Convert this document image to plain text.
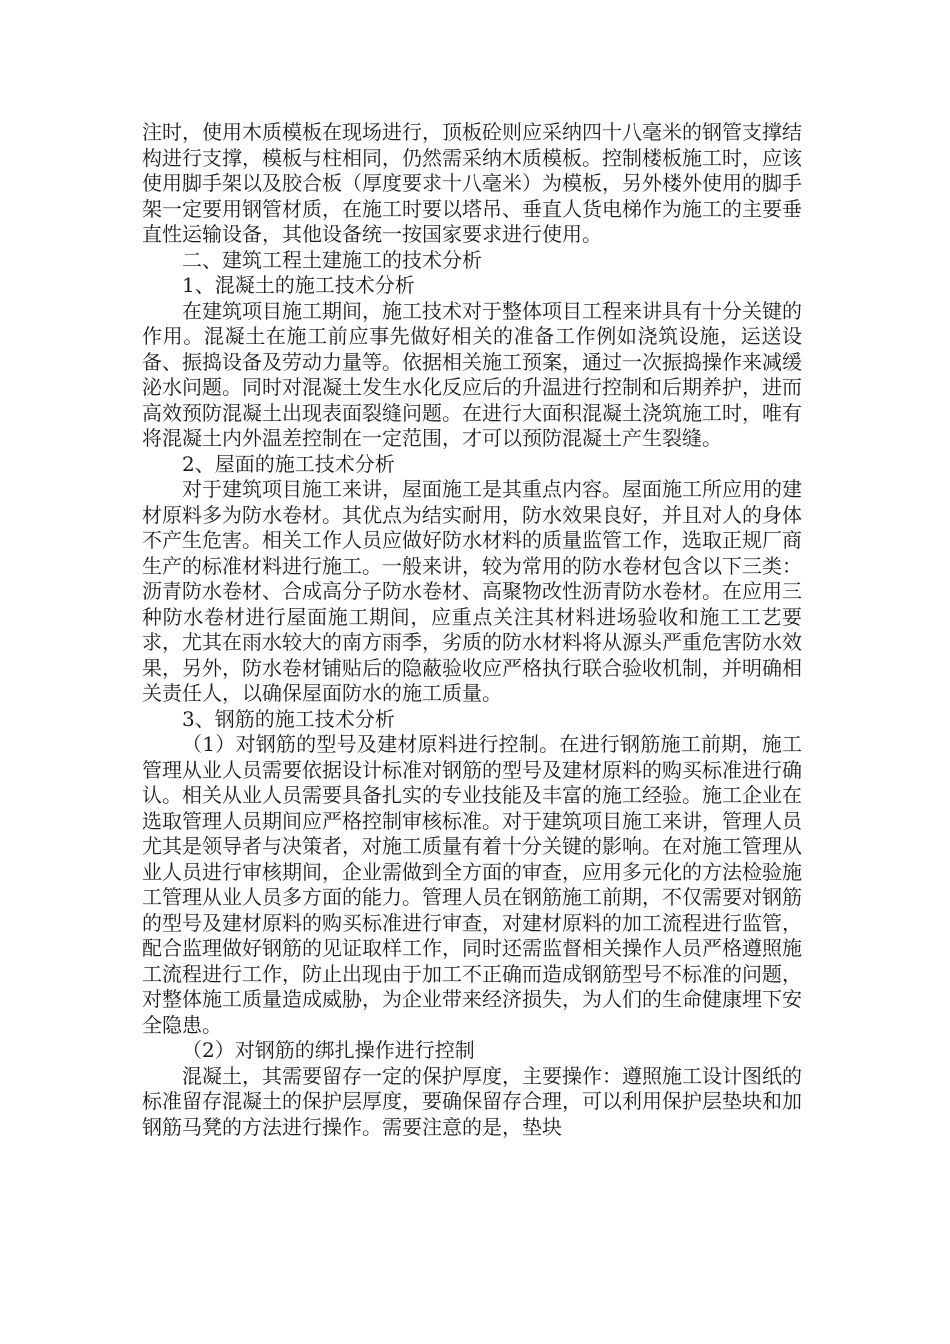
注时，使用木质模板在现场进行，顶板砼则应采纳四十八毫米的钢管支撑结构进行支撑，模板与柱相同，仍然需采纳木质模板。控制楼板施工时，应该使用脚手架以及胶合板（厚度要求十八毫米）为模板，另外楼外使用的脚手架一定要用钢管材质，在施工时要以塔吊、垂直人货电梯作为施工的主要垂直性运输设备，其他设备统一按国家要求进行使用。

二、建筑工程土建施工的技术分析

1、混凝土的施工技术分析

在建筑项目施工期间，施工技术对于整体项目工程来讲具有十分关键的作用。混凝土在施工前应事先做好相关的准备工作例如浇筑设施，运送设备、振捣设备及劳动力量等。依据相关施工预案，通过一次振捣操作来减缓泌水问题。同时对混凝土发生水化反应后的升温进行控制和后期养护，进而高效预防混凝土出现表面裂缝问题。在进行大面积混凝土浇筑施工时，唯有将混凝土内外温差控制在一定范围，才可以预防混凝土产生裂缝。

2、屋面的施工技术分析

对于建筑项目施工来讲，屋面施工是其重点内容。屋面施工所应用的建材原料多为防水卷材。其优点为结实耐用，防水效果良好，并且对人的身体不产生危害。相关工作人员应做好防水材料的质量监管工作，选取正规厂商生产的标准材料进行施工。一般来讲，较为常用的防水卷材包含以下三类：沥青防水卷材、合成高分子防水卷材、高聚物改性沥青防水卷材。在应用三种防水卷材进行屋面施工期间，应重点关注其材料进场验收和施工工艺要求，尤其在雨水较大的南方雨季，劣质的防水材料将从源头严重危害防水效果，另外，防水卷材铺贴后的隐蔽验收应严格执行联合验收机制，并明确相关责任人，以确保屋面防水的施工质量。

3、钢筋的施工技术分析

（1）对钢筋的型号及建材原料进行控制。在进行钢筋施工前期，施工管理从业人员需要依据设计标准对钢筋的型号及建材原料的购买标准进行确认。相关从业人员需要具备扎实的专业技能及丰富的施工经验。施工企业在选取管理人员期间应严格控制审核标准。对于建筑项目施工来讲，管理人员尤其是领导者与决策者，对施工质量有着十分关键的影响。在对施工管理从业人员进行审核期间，企业需做到全方面的审查，应用多元化的方法检验施工管理从业人员多方面的能力。管理人员在钢筋施工前期，不仅需要对钢筋的型号及建材原料的购买标准进行审查，对建材原料的加工流程进行监管，配合监理做好钢筋的见证取样工作，同时还需监督相关操作人员严格遵照施工流程进行工作，防止出现由于加工不正确而造成钢筋型号不标准的问题，对整体施工质量造成威胁，为企业带来经济损失，为人们的生命健康埋下安全隐患。

（2）对钢筋的绑扎操作进行控制

混凝土，其需要留存一定的保护厚度，主要操作：遵照施工设计图纸的标准留存混凝土的保护层厚度，要确保留存合理，可以利用保护层垫块和加钢筋马凳的方法进行操作。需要注意的是，垫块
